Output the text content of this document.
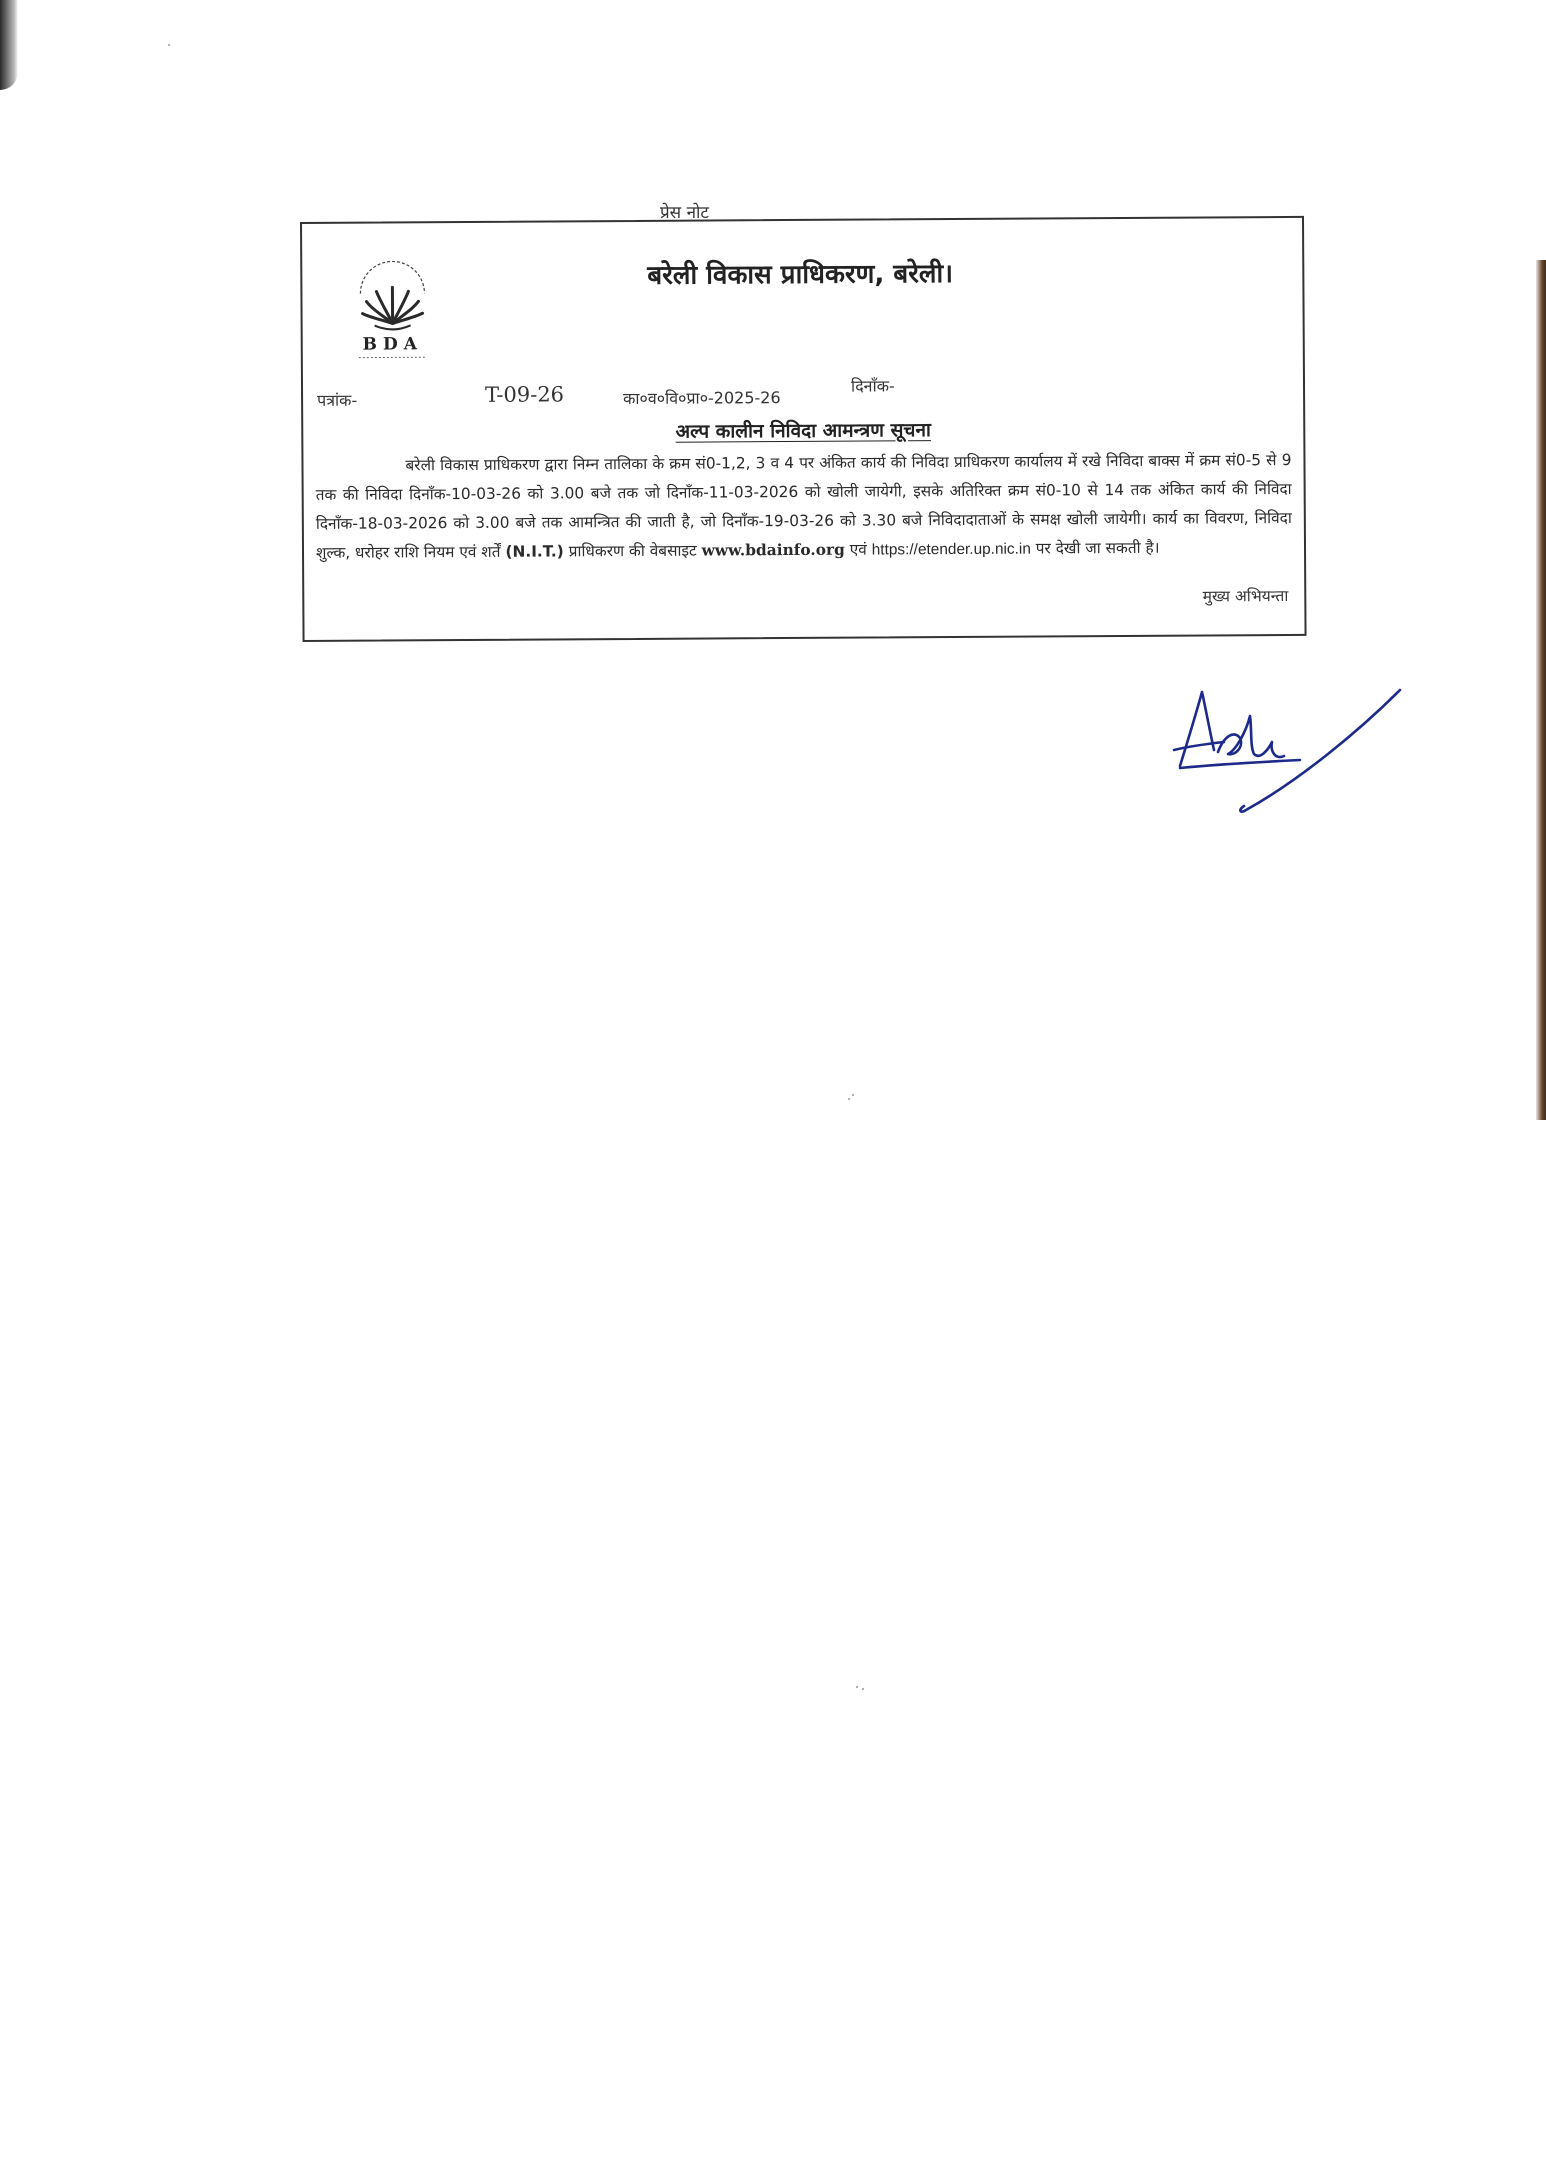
प्रेस नोट
BDA
बरेली विकास प्राधिकरण, बरेली।
पत्रांक-	T-09-26	का०व०वि०प्रा०-2025-26
दिनाँक-
अल्प कालीन निविदा आमन्त्रण सूचना

बरेली विकास प्राधिकरण द्वारा निम्न तालिका के क्रम सं0-1,2, 3 व 4 पर अंकित कार्य की निविदा प्राधिकरण कार्यालय में रखे निविदा बाक्स में क्रम सं0-5 से 9 तक की निविदा दिनाँक-10-03-26 को 3.00 बजे तक जो दिनाँक-11-03-2026 को खोली जायेगी, इसके अतिरिक्त क्रम सं0-10 से 14 तक अंकित कार्य की निविदा दिनाँक-18-03-2026 को 3.00 बजे तक आमन्त्रित की जाती है, जो दिनाँक-19-03-26 को 3.30 बजे निविदादाताओं के समक्ष खोली जायेगी। कार्य का विवरण, निविदा शुल्क, धरोहर राशि नियम एवं शर्तें (N.I.T.) प्राधिकरण की वेबसाइट www.bdainfo.org एवं https://etender.up.nic.in पर देखी जा सकती है।

मुख्य अभियन्ता
